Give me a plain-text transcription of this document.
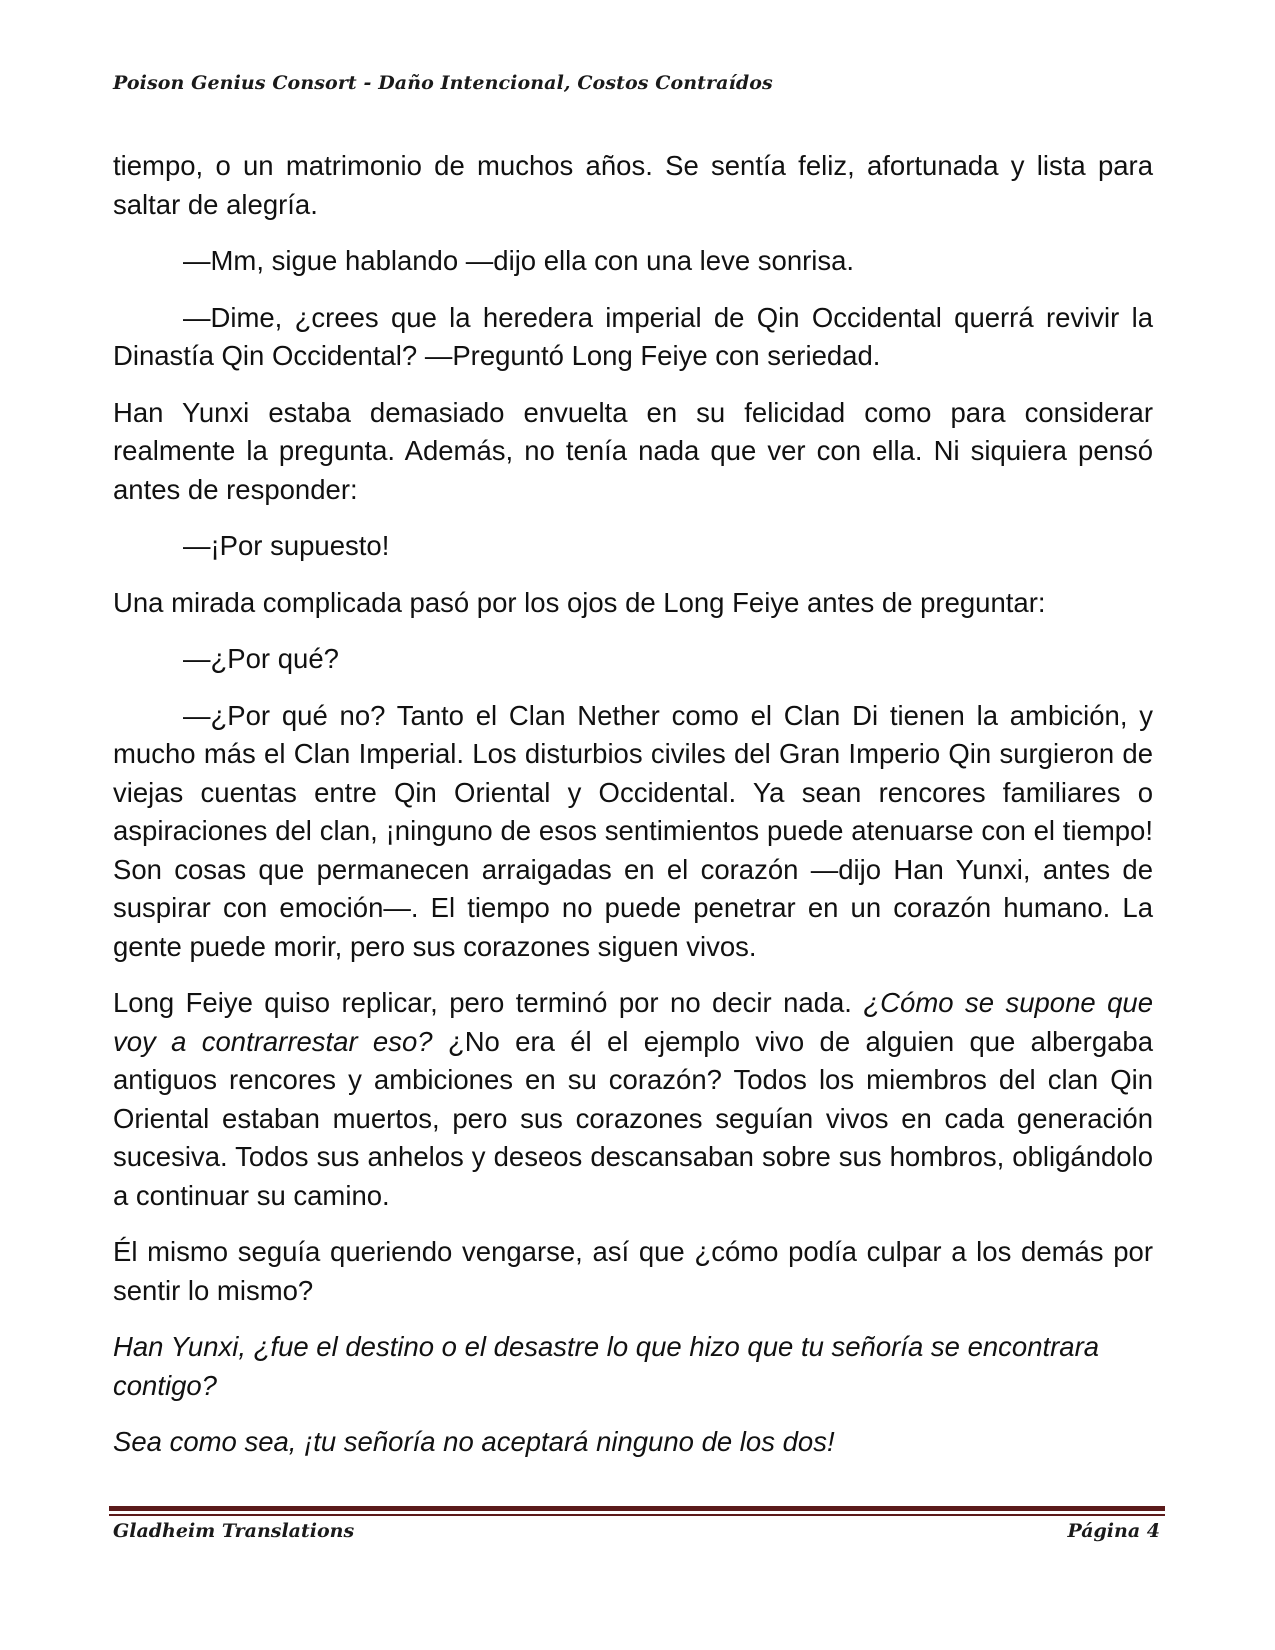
Poison Genius Consort - Daño Intencional, Costos Contraídos

tiempo, o un matrimonio de muchos años. Se sentía feliz, afortunada y lista para saltar de alegría.

—Mm, sigue hablando —dijo ella con una leve sonrisa.

—Dime, ¿crees que la heredera imperial de Qin Occidental querrá revivir la Dinastía Qin Occidental? —Preguntó Long Feiye con seriedad.

Han Yunxi estaba demasiado envuelta en su felicidad como para considerar realmente la pregunta. Además, no tenía nada que ver con ella. Ni siquiera pensó antes de responder:

—¡Por supuesto!

Una mirada complicada pasó por los ojos de Long Feiye antes de preguntar:

—¿Por qué?

—¿Por qué no? Tanto el Clan Nether como el Clan Di tienen la ambición, y mucho más el Clan Imperial. Los disturbios civiles del Gran Imperio Qin surgieron de viejas cuentas entre Qin Oriental y Occidental. Ya sean rencores familiares o aspiraciones del clan, ¡ninguno de esos sentimientos puede atenuarse con el tiempo! Son cosas que permanecen arraigadas en el corazón —dijo Han Yunxi, antes de suspirar con emoción—. El tiempo no puede penetrar en un corazón humano. La gente puede morir, pero sus corazones siguen vivos.

Long Feiye quiso replicar, pero terminó por no decir nada. ¿Cómo se supone que voy a contrarrestar eso? ¿No era él el ejemplo vivo de alguien que albergaba antiguos rencores y ambiciones en su corazón? Todos los miembros del clan Qin Oriental estaban muertos, pero sus corazones seguían vivos en cada generación sucesiva. Todos sus anhelos y deseos descansaban sobre sus hombros, obligándolo a continuar su camino.

Él mismo seguía queriendo vengarse, así que ¿cómo podía culpar a los demás por sentir lo mismo?

Han Yunxi, ¿fue el destino o el desastre lo que hizo que tu señoría se encontrara contigo?

Sea como sea, ¡tu señoría no aceptará ninguno de los dos!

Gladheim Translations	Página 4
